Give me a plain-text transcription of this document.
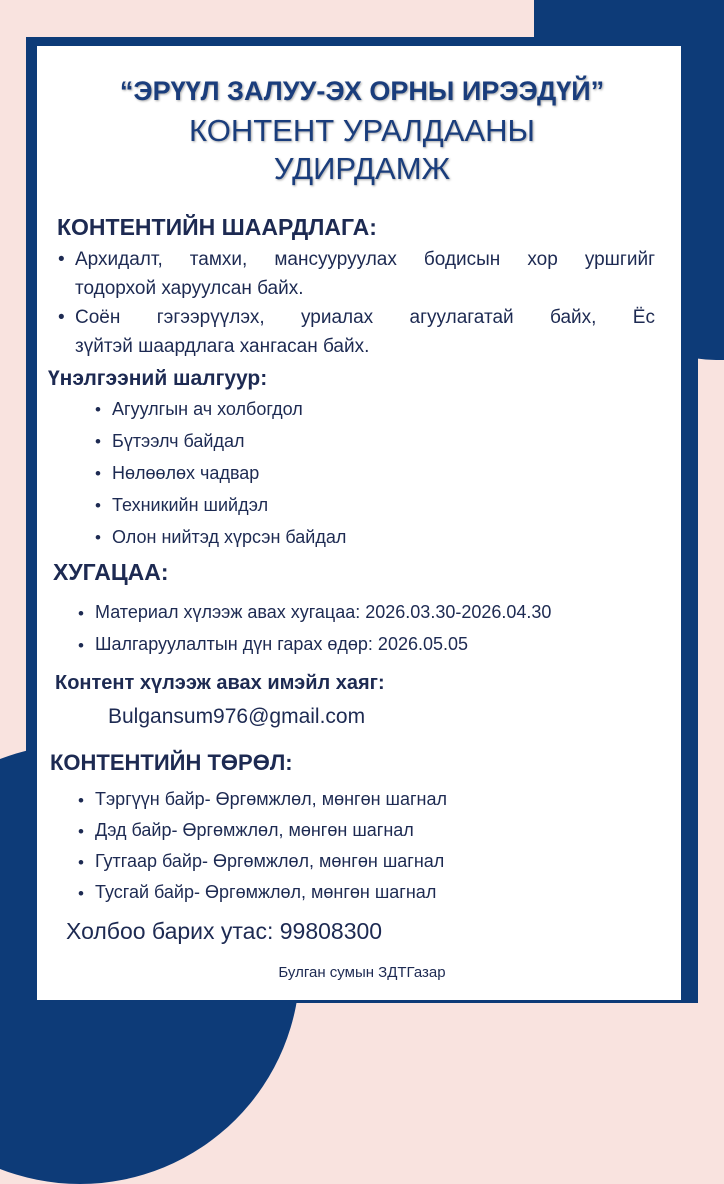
“ЭРҮҮЛ ЗАЛУУ-ЭХ ОРНЫ ИРЭЭДҮЙ”
КОНТЕНТ УРАЛДААНЫ
УДИРДАМЖ
КОНТЕНТИЙН ШААРДЛАГА:
• Архидалт, тамхи, мансууруулах бодисын хор уршгийг
тодорхой харуулсан байх.
• Соён гэгээрүүлэх, уриалах агуулагатай байх, Ёс
зүйтэй шаардлага хангасан байх.
Үнэлгээний шалгуур:
• Агуулгын ач холбогдол
• Бүтээлч байдал
• Нөлөөлөх чадвар
• Техникийн шийдэл
• Олон нийтэд хүрсэн байдал
ХУГАЦАА:
• Материал хүлээж авах хугацаа: 2026.03.30-2026.04.30
• Шалгаруулалтын дүн гарах өдөр: 2026.05.05
Контент хүлээж авах имэйл хаяг:
Bulgansum976@gmail.com
КОНТЕНТИЙН ТӨРӨЛ:
• Тэргүүн байр- Өргөмжлөл, мөнгөн шагнал
• Дэд байр- Өргөмжлөл, мөнгөн шагнал
• Гутгаар байр- Өргөмжлөл, мөнгөн шагнал
• Тусгай байр- Өргөмжлөл, мөнгөн шагнал
Холбоо барих утас: 99808300
Булган сумын ЗДТГазар
